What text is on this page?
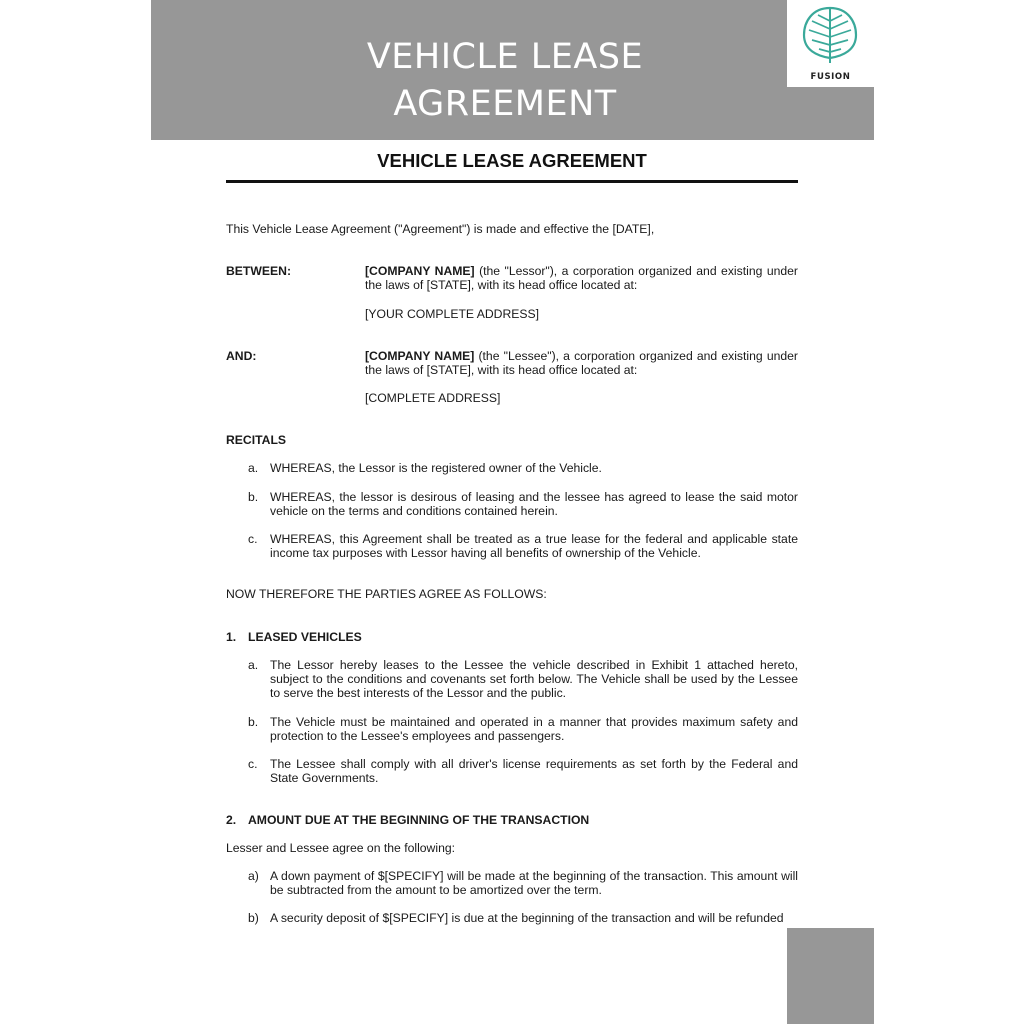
VEHICLE LEASE
AGREEMENT
FUSION
VEHICLE LEASE AGREEMENT
This Vehicle Lease Agreement ("Agreement") is made and effective the [DATE],
BETWEEN:	[COMPANY NAME] (the "Lessor"), a corporation organized and existing under the laws of [STATE], with its head office located at:
[YOUR COMPLETE ADDRESS]
AND:	[COMPANY NAME] (the "Lessee"), a corporation organized and existing under the laws of [STATE], with its head office located at:
[COMPLETE ADDRESS]
RECITALS
a. WHEREAS, the Lessor is the registered owner of the Vehicle.
b. WHEREAS, the lessor is desirous of leasing and the lessee has agreed to lease the said motor vehicle on the terms and conditions contained herein.
c. WHEREAS, this Agreement shall be treated as a true lease for the federal and applicable state income tax purposes with Lessor having all benefits of ownership of the Vehicle.
NOW THEREFORE THE PARTIES AGREE AS FOLLOWS:
1. LEASED VEHICLES
a. The Lessor hereby leases to the Lessee the vehicle described in Exhibit 1 attached hereto, subject to the conditions and covenants set forth below. The Vehicle shall be used by the Lessee to serve the best interests of the Lessor and the public.
b. The Vehicle must be maintained and operated in a manner that provides maximum safety and protection to the Lessee's employees and passengers.
c. The Lessee shall comply with all driver's license requirements as set forth by the Federal and State Governments.
2. AMOUNT DUE AT THE BEGINNING OF THE TRANSACTION
Lesser and Lessee agree on the following:
a) A down payment of $[SPECIFY] will be made at the beginning of the transaction. This amount will be subtracted from the amount to be amortized over the term.
b) A security deposit of $[SPECIFY] is due at the beginning of the transaction and will be refunded
